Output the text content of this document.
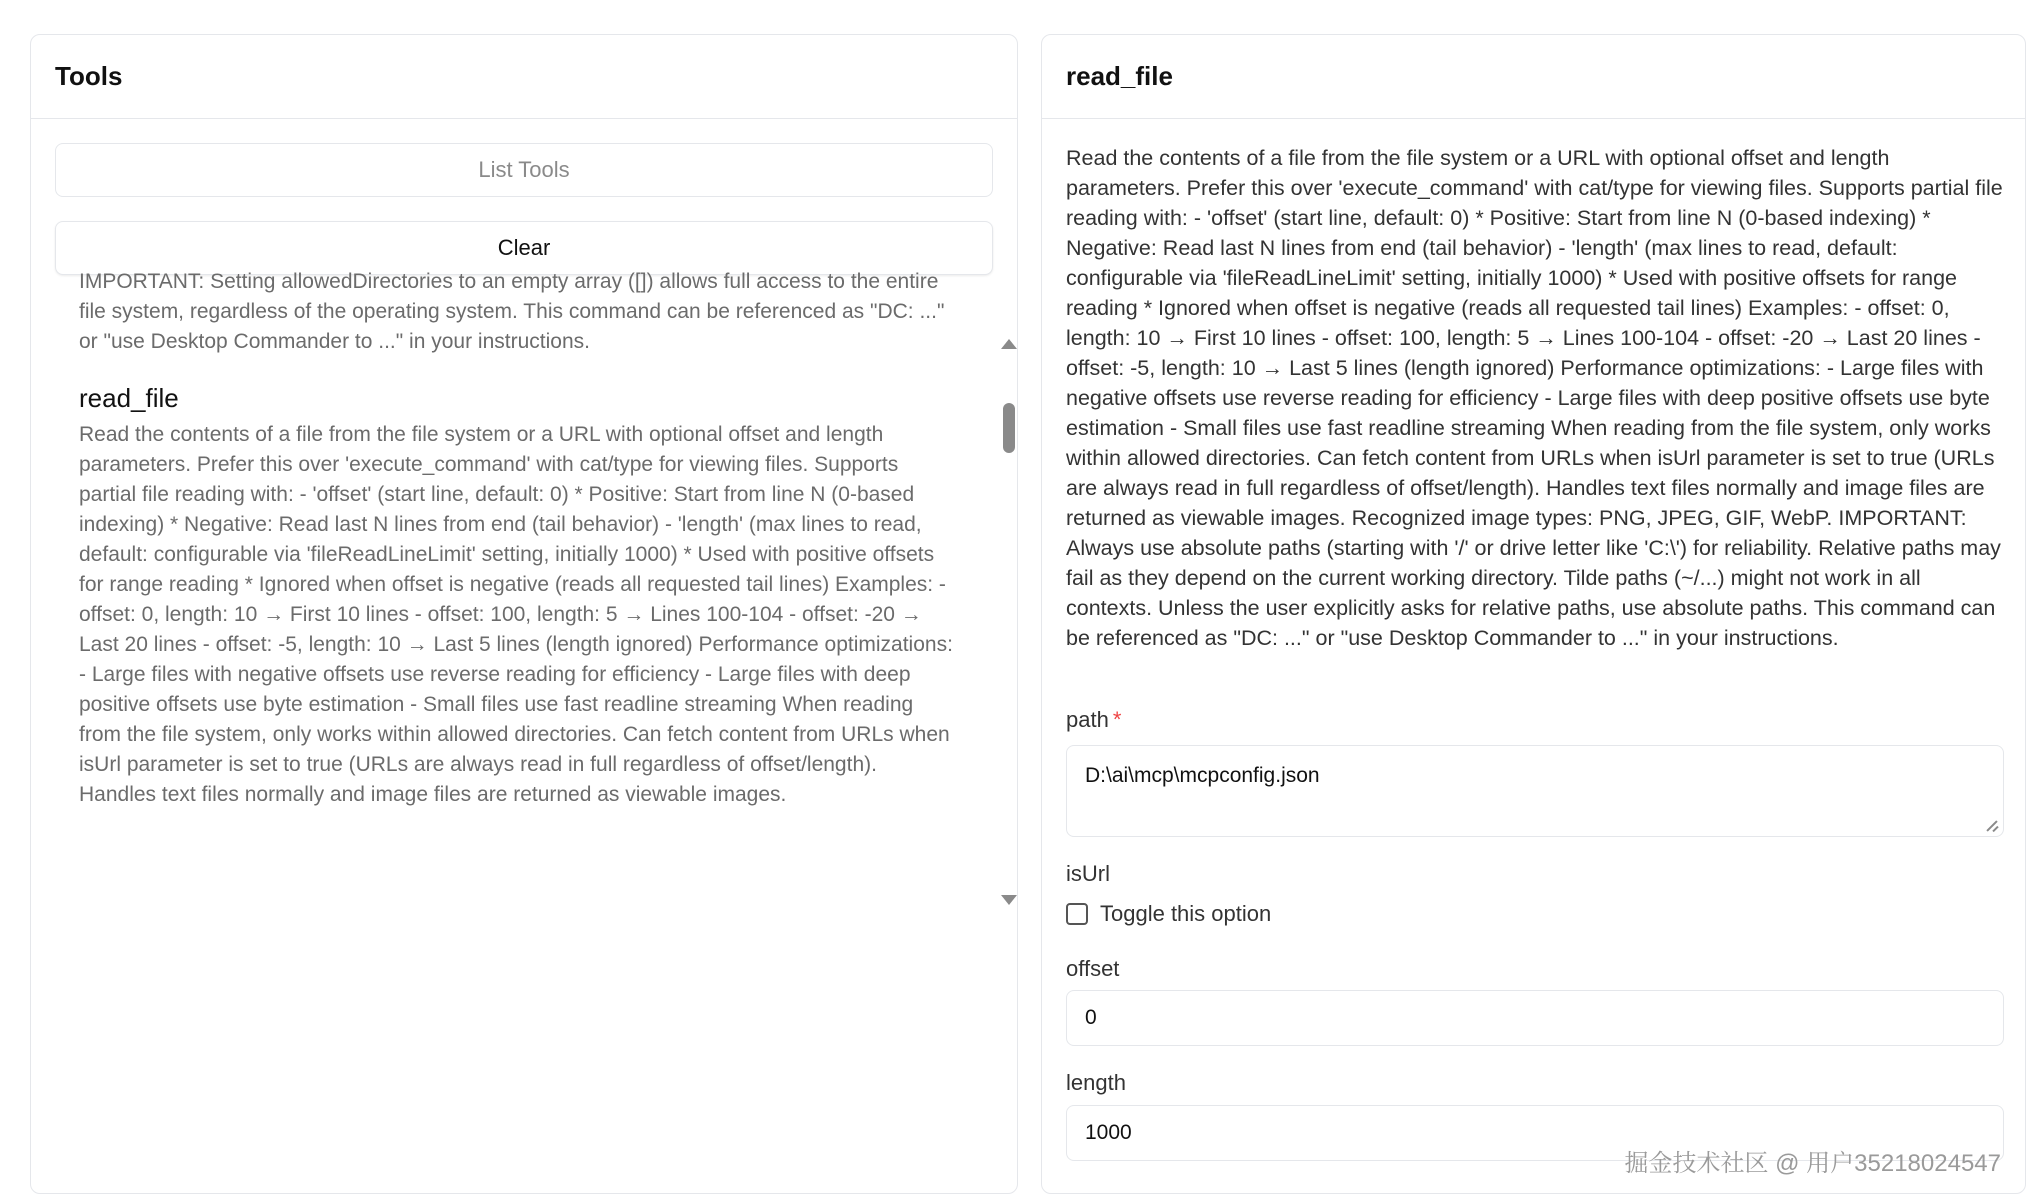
Tools
List Tools
Clear
IMPORTANT: Setting allowedDirectories to an empty array ([]) allows full access to the entire file system, regardless of the operating system. This command can be referenced as "DC: ..." or "use Desktop Commander to ..." in your instructions.
read_file
Read the contents of a file from the file system or a URL with optional offset and length parameters. Prefer this over 'execute_command' with cat/type for viewing files. Supports partial file reading with: - 'offset' (start line, default: 0) * Positive: Start from line N (0-based indexing) * Negative: Read last N lines from end (tail behavior) - 'length' (max lines to read, default: configurable via 'fileReadLineLimit' setting, initially 1000) * Used with positive offsets for range reading * Ignored when offset is negative (reads all requested tail lines) Examples: - offset: 0, length: 10 → First 10 lines - offset: 100, length: 5 → Lines 100-104 - offset: -20 → Last 20 lines - offset: -5, length: 10 → Last 5 lines (length ignored) Performance optimizations: - Large files with negative offsets use reverse reading for efficiency - Large files with deep positive offsets use byte estimation - Small files use fast readline streaming When reading from the file system, only works within allowed directories. Can fetch content from URLs when isUrl parameter is set to true (URLs are always read in full regardless of offset/length). Handles text files normally and image files are returned as viewable images.
read_file
Read the contents of a file from the file system or a URL with optional offset and length parameters. Prefer this over 'execute_command' with cat/type for viewing files. Supports partial file reading with: - 'offset' (start line, default: 0) * Positive: Start from line N (0-based indexing) * Negative: Read last N lines from end (tail behavior) - 'length' (max lines to read, default: configurable via 'fileReadLineLimit' setting, initially 1000) * Used with positive offsets for range reading * Ignored when offset is negative (reads all requested tail lines) Examples: - offset: 0, length: 10 → First 10 lines - offset: 100, length: 5 → Lines 100-104 - offset: -20 → Last 20 lines - offset: -5, length: 10 → Last 5 lines (length ignored) Performance optimizations: - Large files with negative offsets use reverse reading for efficiency - Large files with deep positive offsets use byte estimation - Small files use fast readline streaming When reading from the file system, only works within allowed directories. Can fetch content from URLs when isUrl parameter is set to true (URLs are always read in full regardless of offset/length). Handles text files normally and image files are returned as viewable images. Recognized image types: PNG, JPEG, GIF, WebP. IMPORTANT: Always use absolute paths (starting with '/' or drive letter like 'C:\') for reliability. Relative paths may fail as they depend on the current working directory. Tilde paths (~/...) might not work in all contexts. Unless the user explicitly asks for relative paths, use absolute paths. This command can be referenced as "DC: ..." or "use Desktop Commander to ..." in your instructions.
path *
D:\ai\mcp\mcpconfig.json
isUrl
Toggle this option
offset
0
length
1000
掘金技术社区 @ 用户35218024547
